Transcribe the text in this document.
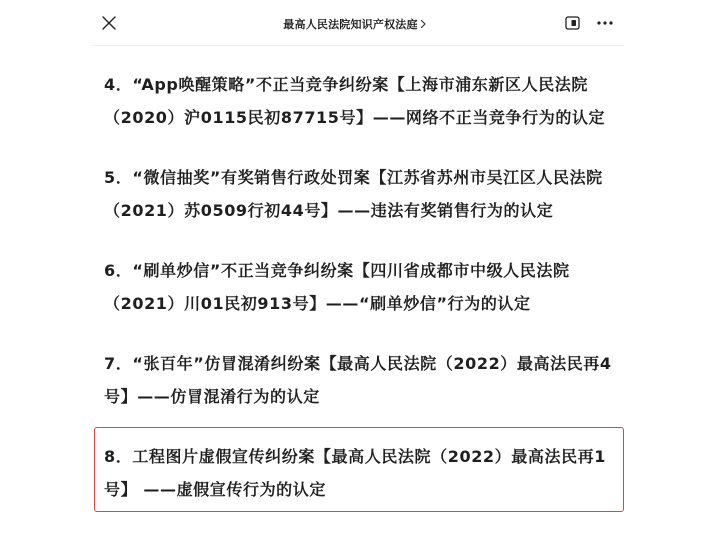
最高人民法院知识产权法庭
4．“App唤醒策略”不正当竞争纠纷案【上海市浦东新区人民法院
（2020）沪0115民初87715号】——网络不正当竞争行为的认定
5．“微信抽奖”有奖销售行政处罚案【江苏省苏州市吴江区人民法院
（2021）苏0509行初44号】——违法有奖销售行为的认定
6．“刷单炒信”不正当竞争纠纷案【四川省成都市中级人民法院
（2021）川01民初913号】——“刷单炒信”行为的认定
7．“张百年”仿冒混淆纠纷案【最高人民法院（2022）最高法民再4
号】——仿冒混淆行为的认定
8．工程图片虚假宣传纠纷案【最高人民法院（2022）最高法民再1
号】 ——虚假宣传行为的认定
